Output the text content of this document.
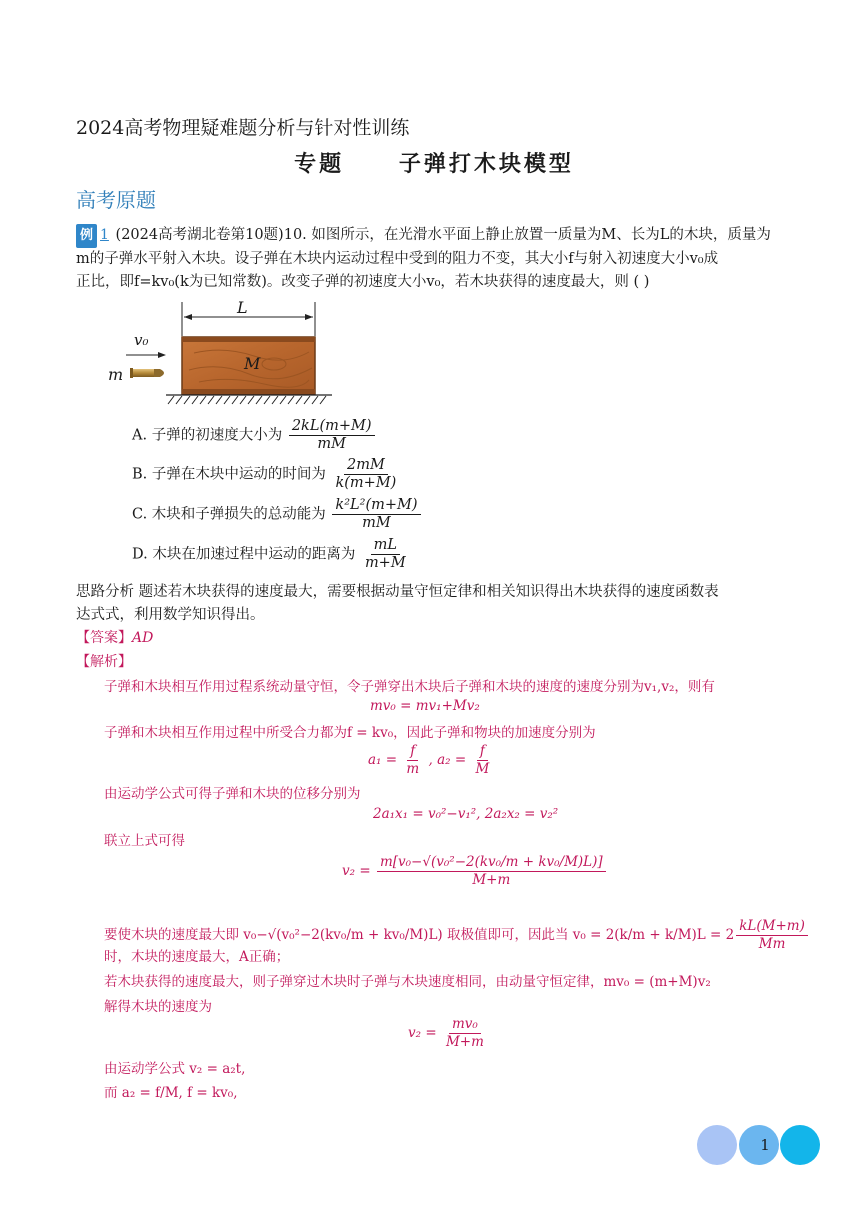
2024高考物理疑难题分析与针对性训练
专题 子弹打木块模型
高考原题
例 1 (2024高考湖北卷第10题)10. 如图所示，在光滑水平面上静止放置一质量为M、长为L的木块，质量为
m的子弹水平射入木块。设子弹在木块内运动过程中受到的阻力不变，其大小f与射入初速度大小v₀成
正比，即f=kv₀(k为已知常数)。改变子弹的初速度大小v₀，若木块获得的速度最大，则 ( )
L
M
m
v₀
A. 子弹的初速度大小为 $\frac{2kL(m+M)}{mM}$
B. 子弹在木块中运动的时间为 $\frac{2mM}{k(m+M)}$
C. 木块和子弹损失的总动能为 $\frac{\text{k²L²(m+M)}}{mM}$
D. 木块在加速过程中运动的距离为 $\frac{mL}{m+M}$
思路分析 题述若木块获得的速度最大，需要根据动量守恒定律和相关知识得出木块获得的速度函数表
达式式，利用数学知识得出。
【答案】AD
【解析】
子弹和木块相互作用过程系统动量守恒，令子弹穿出木块后子弹和木块的速度的速度分别为v₁,v₂，则有
mv₀ = mv₁+Mv₂
子弹和木块相互作用过程中所受合力都为f = kv₀，因此子弹和物块的加速度分别为
$a_1 = \frac{f}{m}$ , $a_2 = \frac{f}{M}$
由运动学公式可得子弹和木块的位移分别为
2a₁x₁ = v₀²−v₁², 2a₂x₂ = v₂²
联立上式可得
$v_2 = \frac{\text{m[v₀−√(v₀²−2(kv₀/m + kv₀/M)L)]}}{M+m}$
要使木块的速度最大即 v₀−√(v₀²−2(kv₀/m + kv₀/M)L) 取极值即可，因此当 $v_0 = 2(k/m + k/M)L = 2 \frac{kL(M+m)}{Mm}$
时，木块的速度最大，A正确；
若木块获得的速度最大，则子弹穿过木块时子弹与木块速度相同，由动量守恒定律，mv₀ = (m+M)v₂
解得木块的速度为
$v_2 = \frac{\text{mv₀}}{M+m}$
由运动学公式 v₂ = a₂t,
而 a₂ = f/M, f = kv₀,
1
